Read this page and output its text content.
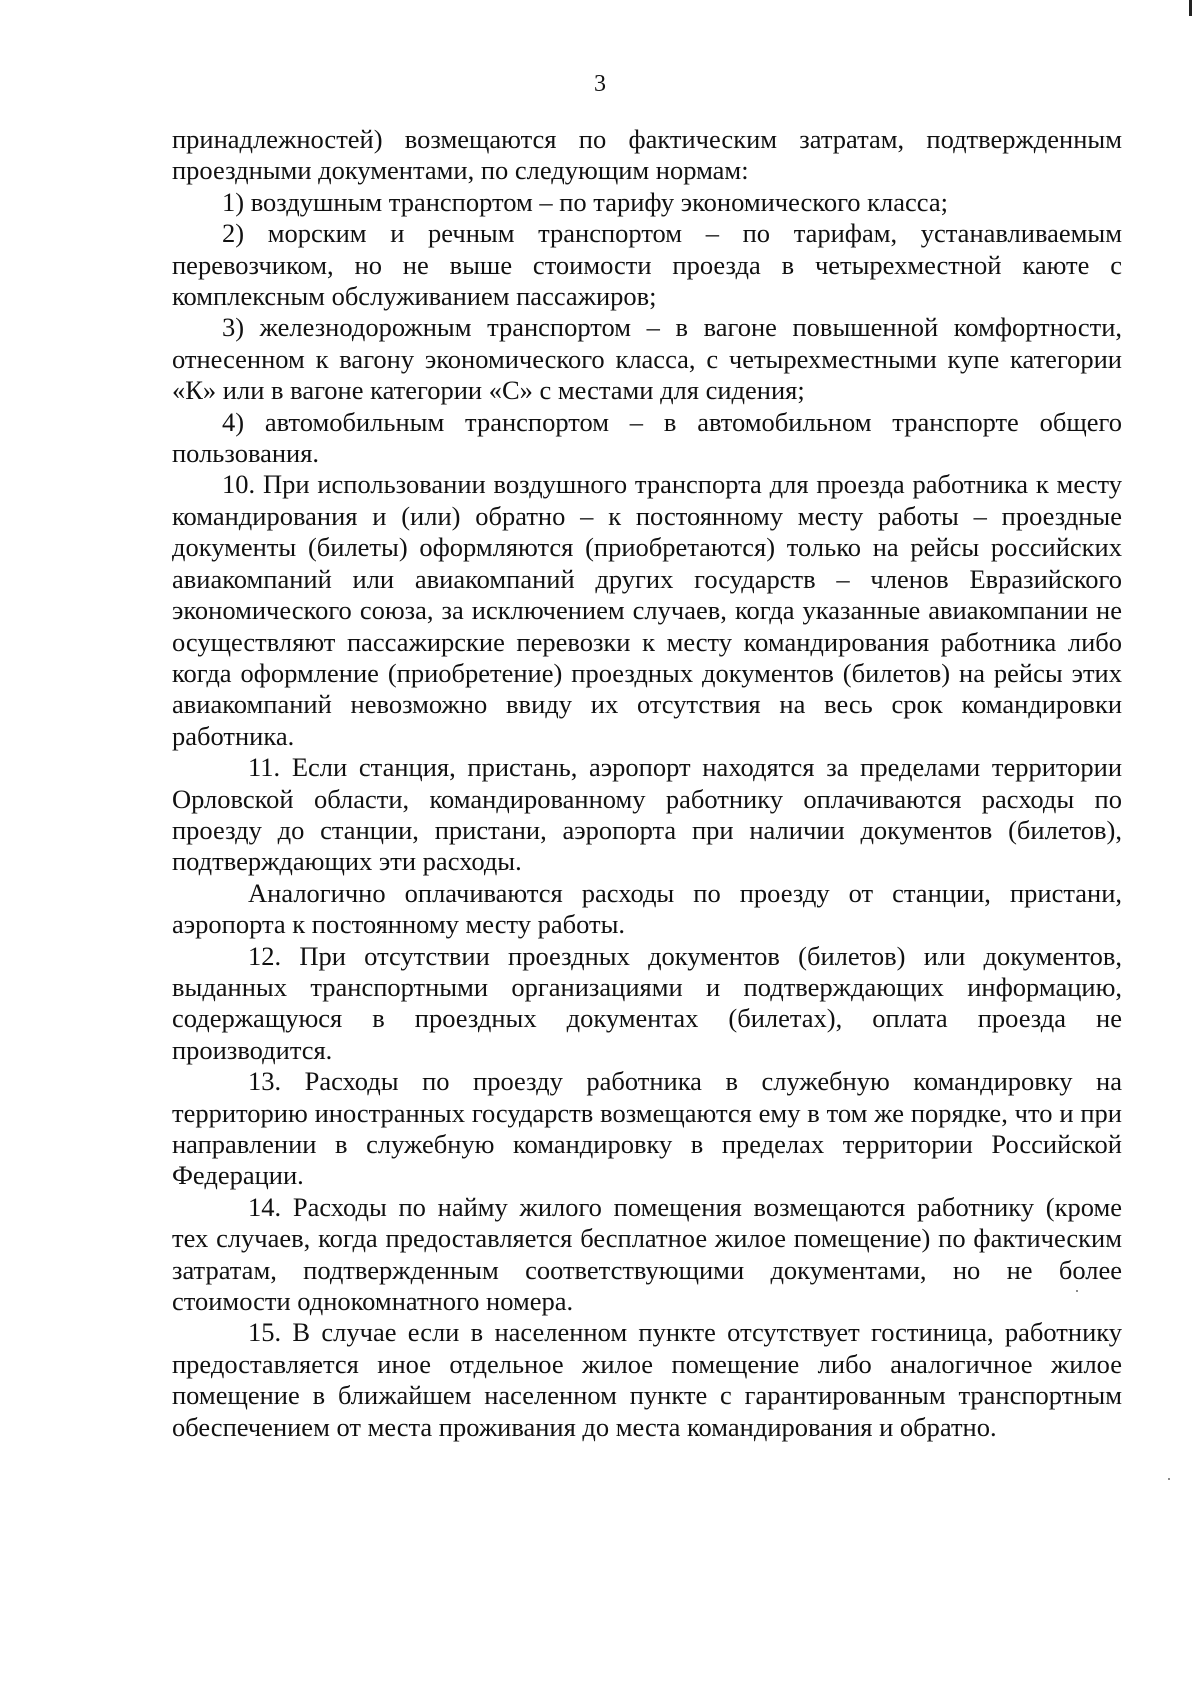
3

принадлежностей) возмещаются по фактическим затратам, подтвержденным проездными документами, по следующим нормам:

1) воздушным транспортом – по тарифу экономического класса;

2) морским и речным транспортом – по тарифам, устанавливаемым перевозчиком, но не выше стоимости проезда в четырехместной каюте с комплексным обслуживанием пассажиров;

3) железнодорожным транспортом – в вагоне повышенной комфортности, отнесенном к вагону экономического класса, с четырехместными купе категории «К» или в вагоне категории «С» с местами для сидения;

4) автомобильным транспортом – в автомобильном транспорте общего пользования.

10. При использовании воздушного транспорта для проезда работника к месту командирования и (или) обратно – к постоянному месту работы – проездные документы (билеты) оформляются (приобретаются) только на рейсы российских авиакомпаний или авиакомпаний других государств – членов Евразийского экономического союза, за исключением случаев, когда указанные авиакомпании не осуществляют пассажирские перевозки к месту командирования работника либо когда оформление (приобретение) проездных документов (билетов) на рейсы этих авиакомпаний невозможно ввиду их отсутствия на весь срок командировки работника.

11. Если станция, пристань, аэропорт находятся за пределами территории Орловской области, командированному работнику оплачиваются расходы по проезду до станции, пристани, аэропорта при наличии документов (билетов), подтверждающих эти расходы.

Аналогично оплачиваются расходы по проезду от станции, пристани, аэропорта к постоянному месту работы.

12. При отсутствии проездных документов (билетов) или документов, выданных транспортными организациями и подтверждающих информацию, содержащуюся в проездных документах (билетах), оплата проезда не производится.

13. Расходы по проезду работника в служебную командировку на территорию иностранных государств возмещаются ему в том же порядке, что и при направлении в служебную командировку в пределах территории Российской Федерации.

14. Расходы по найму жилого помещения возмещаются работнику (кроме тех случаев, когда предоставляется бесплатное жилое помещение) по фактическим затратам, подтвержденным соответствующими документами, но не более стоимости однокомнатного номера.

15. В случае если в населенном пункте отсутствует гостиница, работнику предоставляется иное отдельное жилое помещение либо аналогичное жилое помещение в ближайшем населенном пункте с гарантированным транспортным обеспечением от места проживания до места командирования и обратно.
